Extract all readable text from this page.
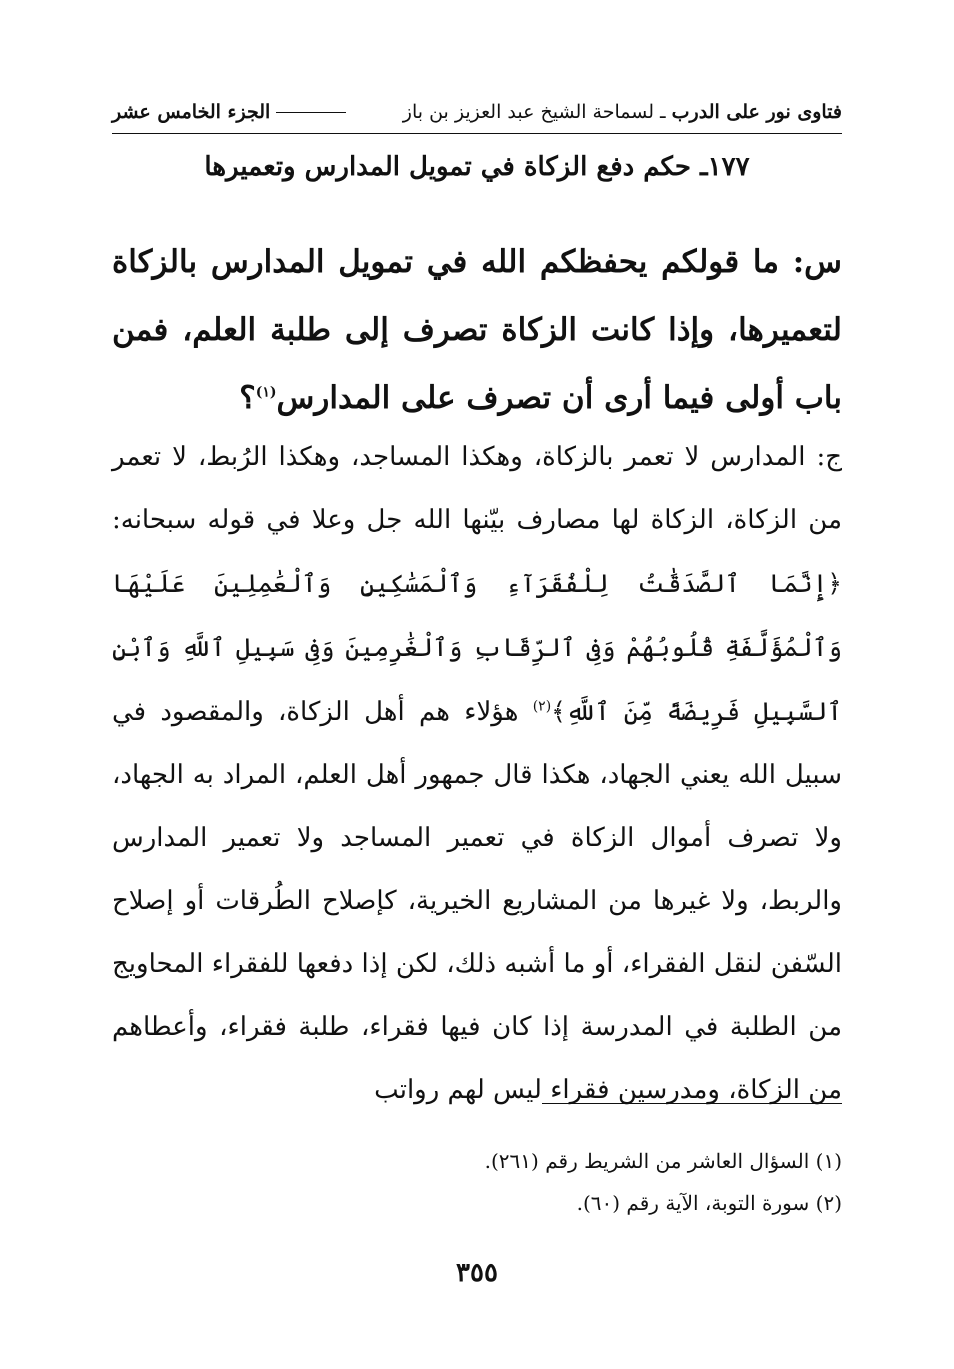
فتاوى نور على الدرب ـ لسماحة الشيخ عبد العزيز بن باز
الجزء الخامس عشر
١٧٧ـ حكم دفع الزكاة في تمويل المدارس وتعميرها
س: ما قولكم يحفظكم الله في تمويل المدارس بالزكاة لتعميرها، وإذا كانت الزكاة تصرف إلى طلبة العلم، فمن باب أولى فيما أرى أن تصرف على المدارس$^{(١)}$؟
ج: المدارس لا تعمر بالزكاة، وهكذا المساجد، وهكذا الرُبط، لا تعمر من الزكاة، الزكاة لها مصارف بيّنها الله جل وعلا في قوله سبحانه: ﴿إِنَّمَا ٱلصَّدَقَٰتُ لِلْفُقَرَآءِ وَٱلْمَسَٰكِينِ وَٱلْعَٰمِلِينَ عَلَيْهَا وَٱلْمُؤَلَّفَةِ قُلُوبُهُمْ وَفِى ٱلرِّقَابِ وَٱلْغَٰرِمِينَ وَفِى سَبِيلِ ٱللَّهِ وَٱبْنِ ٱلسَّبِيلِ فَرِيضَةً مِّنَ ٱللَّهِ﴾$^{(٢)}$ هؤلاء هم أهل الزكاة، والمقصود في سبيل الله يعني الجهاد، هكذا قال جمهور أهل العلم، المراد به الجهاد، ولا تصرف أموال الزكاة في تعمير المساجد ولا تعمير المدارس والربط، ولا غيرها من المشاريع الخيرية، كإصلاح الطُرقات أو إصلاح السّفن لنقل الفقراء، أو ما أشبه ذلك، لكن إذا دفعها للفقراء المحاويج من الطلبة في المدرسة إذا كان فيها فقراء، طلبة فقراء، وأعطاهم من الزكاة، ومدرسين فقراء ليس لهم رواتب

(١) السؤال العاشر من الشريط رقم (٢٦١).

(٢) سورة التوبة، الآية رقم (٦٠).

٣٥٥
